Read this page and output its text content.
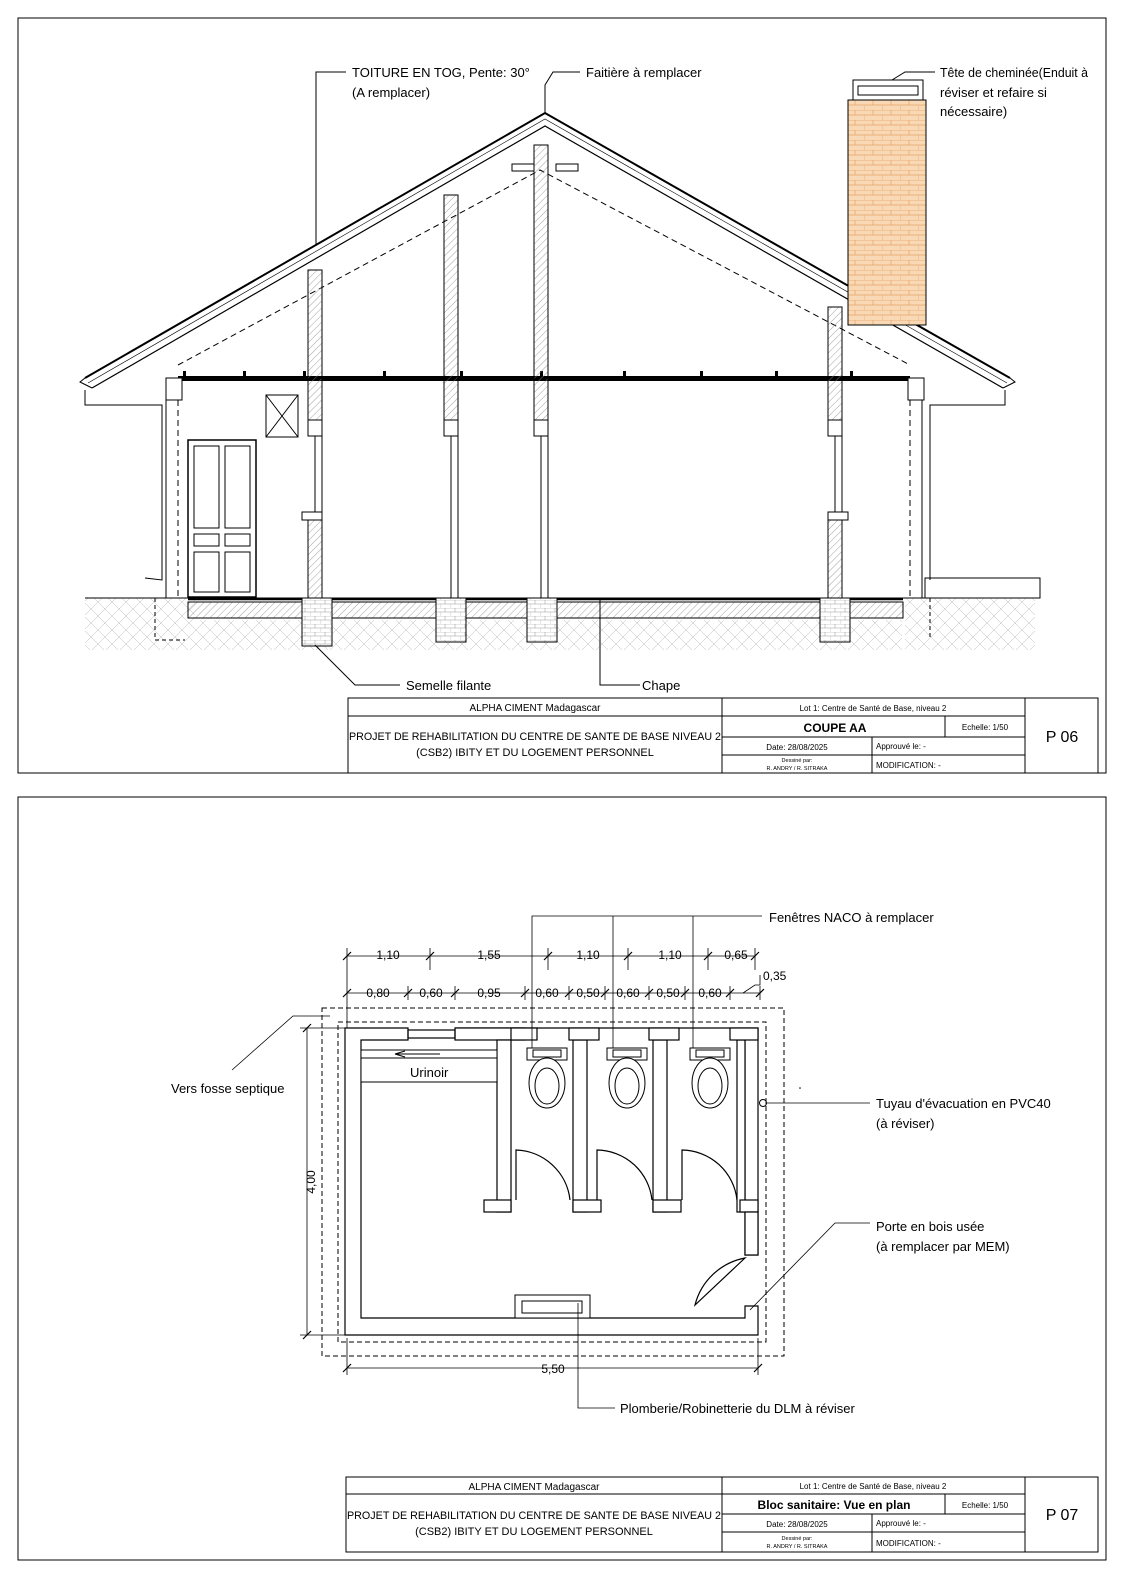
TOITURE EN TOG, Pente: 30°
(A remplacer)
Faitière à remplacer	Tête de cheminée(Enduit à
réviser et refaire si
nécessaire)
Semelle filante	Chape
ALPHA CIMENT Madagascar
PROJET DE REHABILITATION DU CENTRE DE SANTE DE BASE NIVEAU 2
(CSB2) IBITY ET DU LOGEMENT PERSONNEL
Lot 1: Centre de Santé de Base, niveau 2
COUPE AA	Echelle: 1/50
Date: 28/08/2025	Approuvé le: -
Dessiné par:
R. ANDRY / R. SITRAKA	MODIFICATION: -
P 06
1,10	1,55	1,10	1,10	0,65
0,80 0,60	0,95	0,60 0,50 0,60 0,50 0,60
0,35
4,00
5,50
Fenêtres NACO à remplacer
Vers fosse septique
Urinoir
Tuyau d'évacuation en PVC40
(à réviser)
Porte en bois usée
(à remplacer par MEM)
Plomberie/Robinetterie du DLM à réviser
ALPHA CIMENT Madagascar
PROJET DE REHABILITATION DU CENTRE DE SANTE DE BASE NIVEAU 2
(CSB2) IBITY ET DU LOGEMENT PERSONNEL
Lot 1: Centre de Santé de Base, niveau 2
Bloc sanitaire: Vue en plan	Echelle: 1/50
Date: 28/08/2025	Approuvé le: -
Dessiné par:
R. ANDRY / R. SITRAKA	MODIFICATION: -
P 07
